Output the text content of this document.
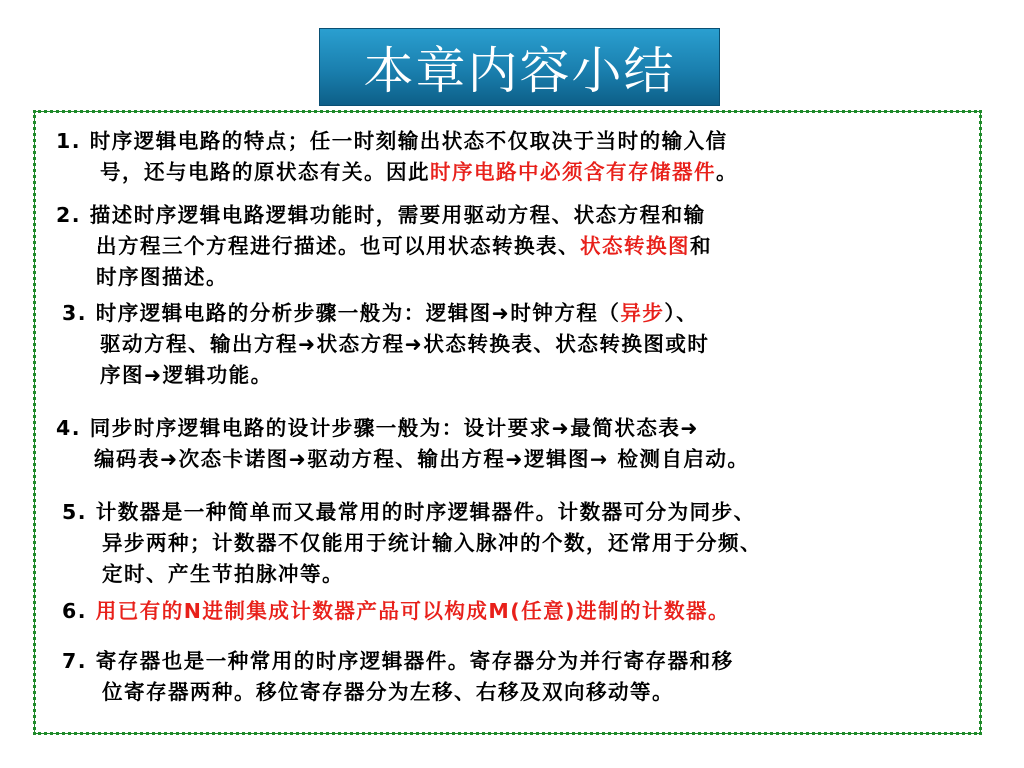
本章内容小结
1. 时序逻辑电路的特点；任一时刻输出状态不仅取决于当时的输入信
号，还与电路的原状态有关。因此时序电路中必须含有存储器件。
2. 描述时序逻辑电路逻辑功能时，需要用驱动方程、状态方程和输
出方程三个方程进行描述。也可以用状态转换表、状态转换图和
时序图描述。
3. 时序逻辑电路的分析步骤一般为：逻辑图➜时钟方程（异步）、
驱动方程、输出方程➜状态方程➜状态转换表、状态转换图或时
序图➜逻辑功能。
4. 同步时序逻辑电路的设计步骤一般为：设计要求➜最简状态表➜
编码表➜次态卡诺图➜驱动方程、输出方程➜逻辑图→ 检测自启动。
5. 计数器是一种简单而又最常用的时序逻辑器件。计数器可分为同步、
异步两种；计数器不仅能用于统计输入脉冲的个数，还常用于分频、
定时、产生节拍脉冲等。
6. 用已有的N进制集成计数器产品可以构成M(任意)进制的计数器。
7. 寄存器也是一种常用的时序逻辑器件。寄存器分为并行寄存器和移
位寄存器两种。移位寄存器分为左移、右移及双向移动等。
